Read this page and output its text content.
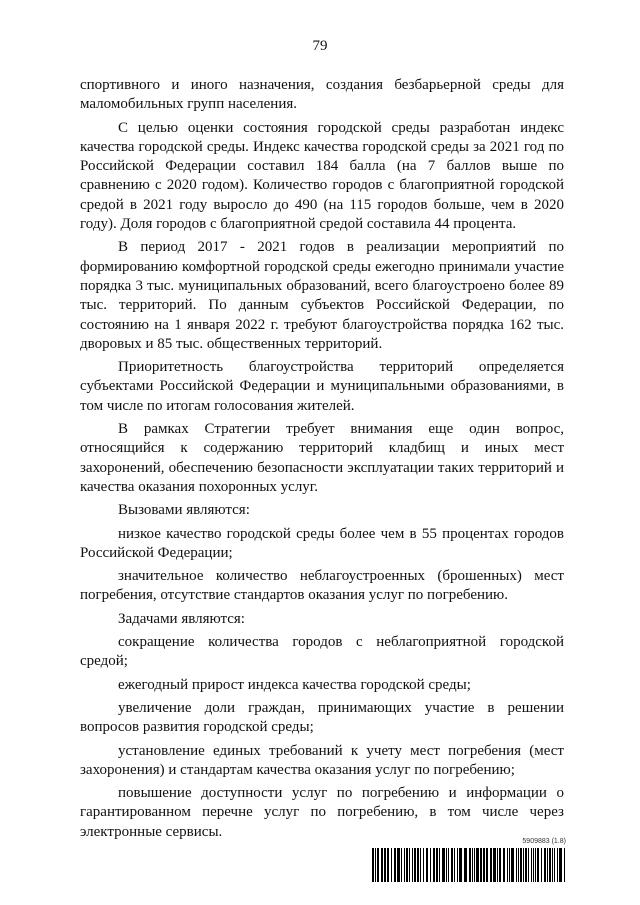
79

спортивного и иного назначения, создания безбарьерной среды для маломобильных групп населения.

С целью оценки состояния городской среды разработан индекс качества городской среды. Индекс качества городской среды за 2021 год по Российской Федерации составил 184 балла (на 7 баллов выше по сравнению с 2020 годом). Количество городов с благоприятной городской средой в 2021 году выросло до 490 (на 115 городов больше, чем в 2020 году). Доля городов с благоприятной средой составила 44 процента.

В период 2017 - 2021 годов в реализации мероприятий по формированию комфортной городской среды ежегодно принимали участие порядка 3 тыс. муниципальных образований, всего благоустроено более 89 тыс. территорий. По данным субъектов Российской Федерации, по состоянию на 1 января 2022 г. требуют благоустройства порядка 162 тыс. дворовых и 85 тыс. общественных территорий.

Приоритетность благоустройства территорий определяется субъектами Российской Федерации и муниципальными образованиями, в том числе по итогам голосования жителей.

В рамках Стратегии требует внимания еще один вопрос, относящийся к содержанию территорий кладбищ и иных мест захоронений, обеспечению безопасности эксплуатации таких территорий и качества оказания похоронных услуг.

Вызовами являются:

низкое качество городской среды более чем в 55 процентах городов Российской Федерации;

значительное количество неблагоустроенных (брошенных) мест погребения, отсутствие стандартов оказания услуг по погребению.

Задачами являются:

сокращение количества городов с неблагоприятной городской средой;

ежегодный прирост индекса качества городской среды;

увеличение доли граждан, принимающих участие в решении вопросов развития городской среды;

установление единых требований к учету мест погребения (мест захоронения) и стандартам качества оказания услуг по погребению;

повышение доступности услуг по погребению и информации о гарантированном перечне услуг по погребению, в том числе через электронные сервисы.

5909883 (1.8)
